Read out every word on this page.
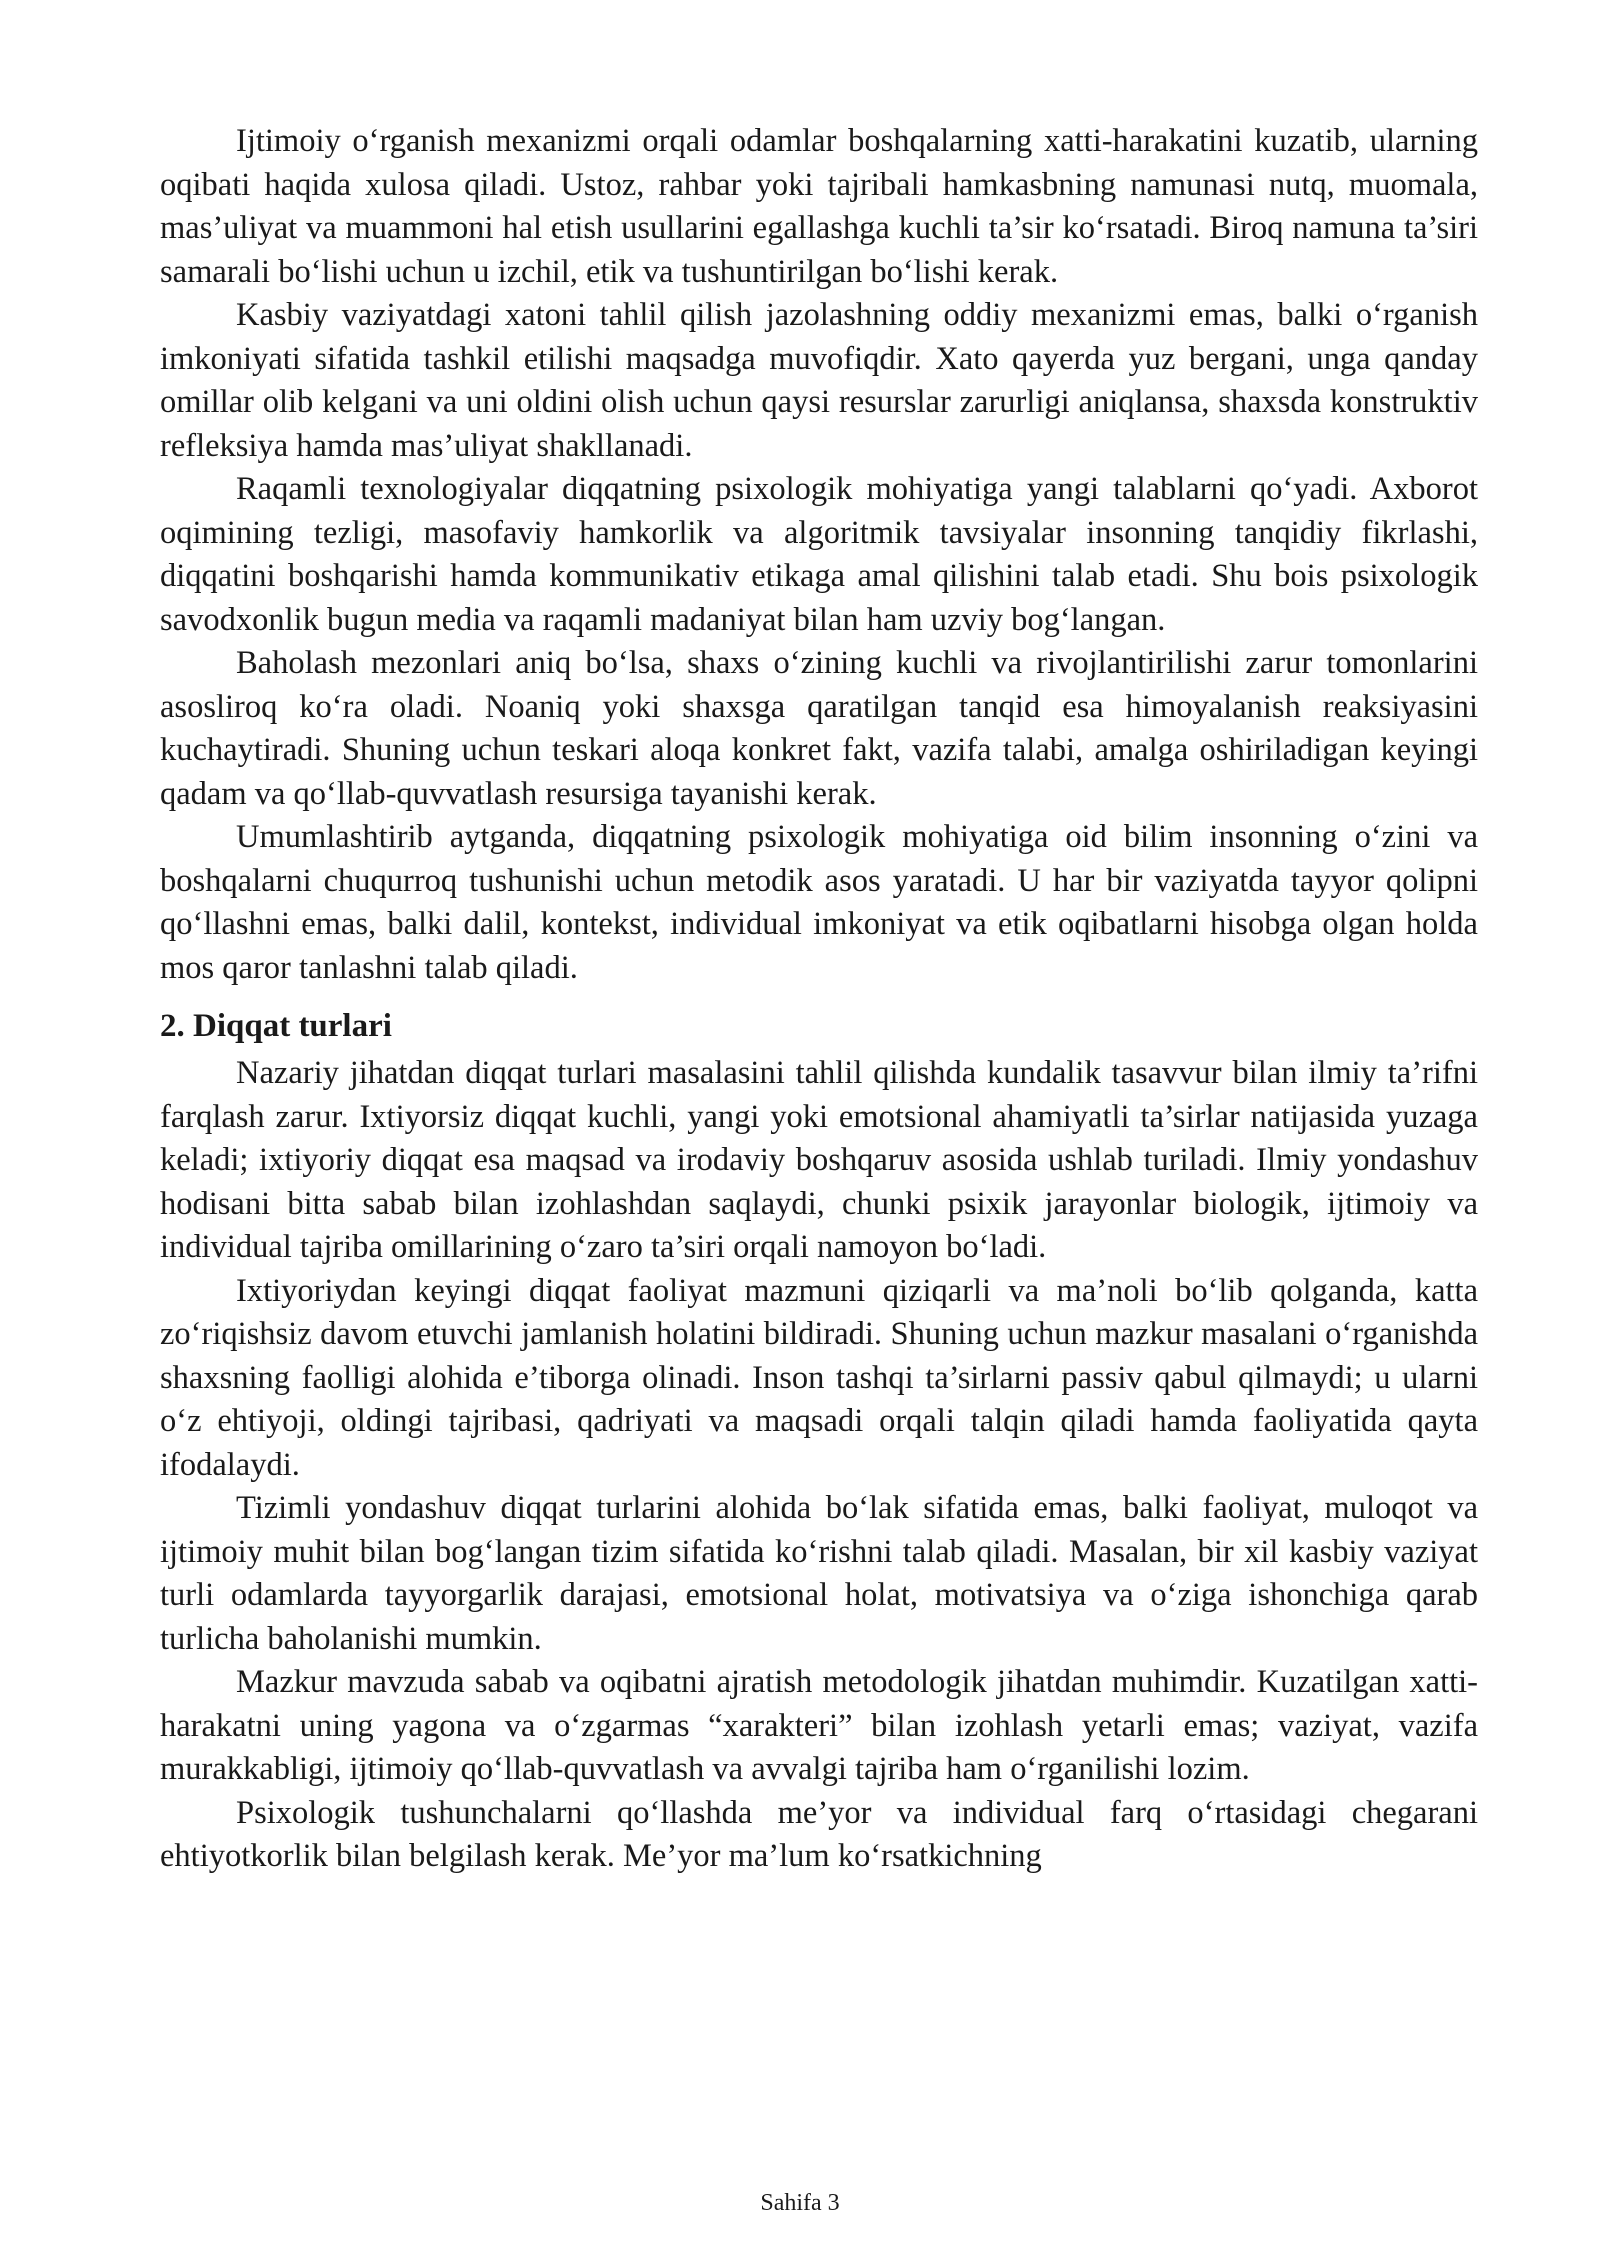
Ijtimoiy o‘rganish mexanizmi orqali odamlar boshqalarning xatti-harakatini kuzatib, ularning oqibati haqida xulosa qiladi. Ustoz, rahbar yoki tajribali hamkasbning namunasi nutq, muomala, mas’uliyat va muammoni hal etish usullarini egallashga kuchli ta’sir ko‘rsatadi. Biroq namuna ta’siri samarali bo‘lishi uchun u izchil, etik va tushuntirilgan bo‘lishi kerak.

Kasbiy vaziyatdagi xatoni tahlil qilish jazolashning oddiy mexanizmi emas, balki o‘rganish imkoniyati sifatida tashkil etilishi maqsadga muvofiqdir. Xato qayerda yuz bergani, unga qanday omillar olib kelgani va uni oldini olish uchun qaysi resurslar zarurligi aniqlansa, shaxsda konstruktiv refleksiya hamda mas’uliyat shakllanadi.

Raqamli texnologiyalar diqqatning psixologik mohiyatiga yangi talablarni qo‘yadi. Axborot oqimining tezligi, masofaviy hamkorlik va algoritmik tavsiyalar insonning tanqidiy fikrlashi, diqqatini boshqarishi hamda kommunikativ etikaga amal qilishini talab etadi. Shu bois psixologik savodxonlik bugun media va raqamli madaniyat bilan ham uzviy bog‘langan.

Baholash mezonlari aniq bo‘lsa, shaxs o‘zining kuchli va rivojlantirilishi zarur tomonlarini asosliroq ko‘ra oladi. Noaniq yoki shaxsga qaratilgan tanqid esa himoyalanish reaksiyasini kuchaytiradi. Shuning uchun teskari aloqa konkret fakt, vazifa talabi, amalga oshiriladigan keyingi qadam va qo‘llab-quvvatlash resursiga tayanishi kerak.

Umumlashtirib aytganda, diqqatning psixologik mohiyatiga oid bilim insonning o‘zini va boshqalarni chuqurroq tushunishi uchun metodik asos yaratadi. U har bir vaziyatda tayyor qolipni qo‘llashni emas, balki dalil, kontekst, individual imkoniyat va etik oqibatlarni hisobga olgan holda mos qaror tanlashni talab qiladi.

2. Diqqat turlari

Nazariy jihatdan diqqat turlari masalasini tahlil qilishda kundalik tasavvur bilan ilmiy ta’rifni farqlash zarur. Ixtiyorsiz diqqat kuchli, yangi yoki emotsional ahamiyatli ta’sirlar natijasida yuzaga keladi; ixtiyoriy diqqat esa maqsad va irodaviy boshqaruv asosida ushlab turiladi. Ilmiy yondashuv hodisani bitta sabab bilan izohlashdan saqlaydi, chunki psixik jarayonlar biologik, ijtimoiy va individual tajriba omillarining o‘zaro ta’siri orqali namoyon bo‘ladi.

Ixtiyoriydan keyingi diqqat faoliyat mazmuni qiziqarli va ma’noli bo‘lib qolganda, katta zo‘riqishsiz davom etuvchi jamlanish holatini bildiradi. Shuning uchun mazkur masalani o‘rganishda shaxsning faolligi alohida e’tiborga olinadi. Inson tashqi ta’sirlarni passiv qabul qilmaydi; u ularni o‘z ehtiyoji, oldingi tajribasi, qadriyati va maqsadi orqali talqin qiladi hamda faoliyatida qayta ifodalaydi.

Tizimli yondashuv diqqat turlarini alohida bo‘lak sifatida emas, balki faoliyat, muloqot va ijtimoiy muhit bilan bog‘langan tizim sifatida ko‘rishni talab qiladi. Masalan, bir xil kasbiy vaziyat turli odamlarda tayyorgarlik darajasi, emotsional holat, motivatsiya va o‘ziga ishonchiga qarab turlicha baholanishi mumkin.

Mazkur mavzuda sabab va oqibatni ajratish metodologik jihatdan muhimdir. Kuzatilgan xatti-harakatni uning yagona va o‘zgarmas “xarakteri” bilan izohlash yetarli emas; vaziyat, vazifa murakkabligi, ijtimoiy qo‘llab-quvvatlash va avvalgi tajriba ham o‘rganilishi lozim.

Psixologik tushunchalarni qo‘llashda me’yor va individual farq o‘rtasidagi chegarani ehtiyotkorlik bilan belgilash kerak. Me’yor ma’lum ko‘rsatkichning

Sahifa 3
